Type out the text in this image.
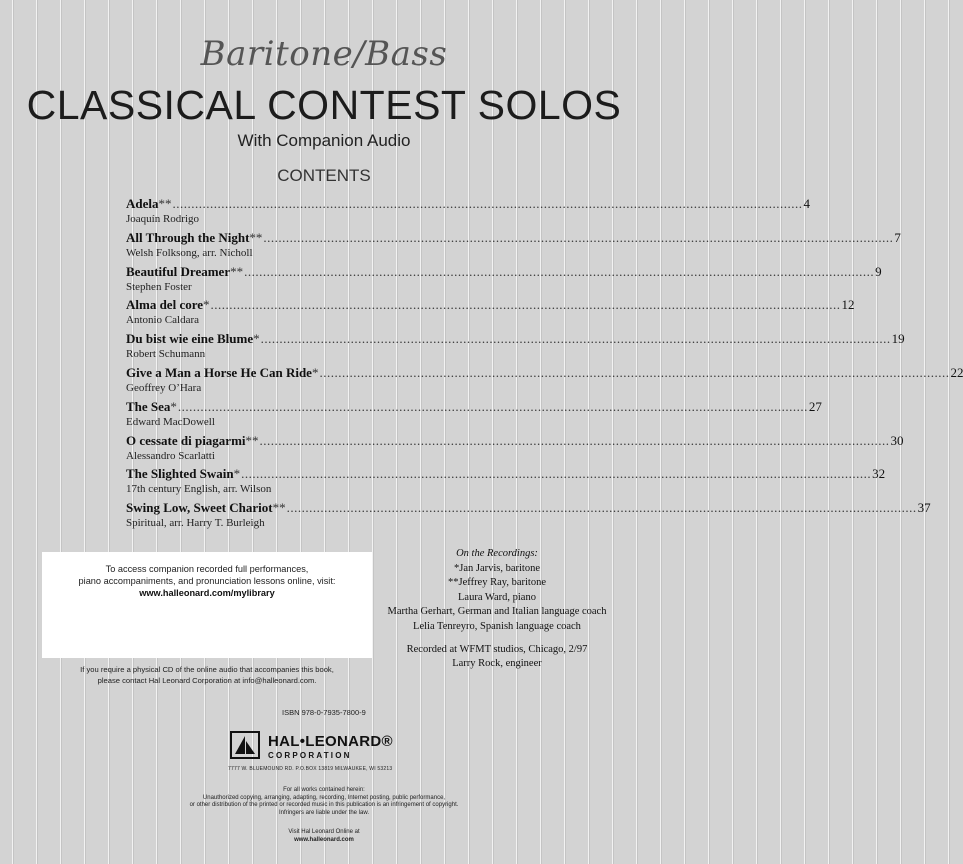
Baritone/Bass
CLASSICAL CONTEST SOLOS
With Companion Audio
CONTENTS
Adela ** ........................................................................................................................................................................ 4
Joaquín Rodrigo
All Through the Night ** ........................................................................................................................................................................ 7
Welsh Folksong, arr. Nicholl
Beautiful Dreamer ** ........................................................................................................................................................................ 9
Stephen Foster
Alma del core * ........................................................................................................................................................................ 12
Antonio Caldara
Du bist wie eine Blume * ........................................................................................................................................................................ 19
Robert Schumann
Give a Man a Horse He Can Ride * ........................................................................................................................................................................ 22
Geoffrey O’Hara
The Sea * ........................................................................................................................................................................ 27
Edward MacDowell
O cessate di piagarmi ** ........................................................................................................................................................................ 30
Alessandro Scarlatti
The Slighted Swain * ........................................................................................................................................................................ 32
17th century English, arr. Wilson
Swing Low, Sweet Chariot ** ........................................................................................................................................................................ 37
Spiritual, arr. Harry T. Burleigh
To access companion recorded full performances,
piano accompaniments, and pronunciation lessons online, visit:
www.halleonard.com/mylibrary
On the Recordings:
*Jan Jarvis, baritone
**Jeffrey Ray, baritone
Laura Ward, piano
Martha Gerhart, German and Italian language coach
Lelia Tenreyro, Spanish language coach
Recorded at WFMT studios, Chicago, 2/97
Larry Rock, engineer
If you require a physical CD of the online audio that accompanies this book,
please contact Hal Leonard Corporation at info@halleonard.com.
ISBN 978-0-7935-7800-9
HAL•LEONARD®
CORPORATION
7777 W. BLUEMOUND RD. P.O.BOX 13819 MILWAUKEE, WI 53213
For all works contained herein:
Unauthorized copying, arranging, adapting, recording, Internet posting, public performance,
or other distribution of the printed or recorded music in this publication is an infringement of copyright.
Infringers are liable under the law.
Visit Hal Leonard Online at
www.halleonard.com
